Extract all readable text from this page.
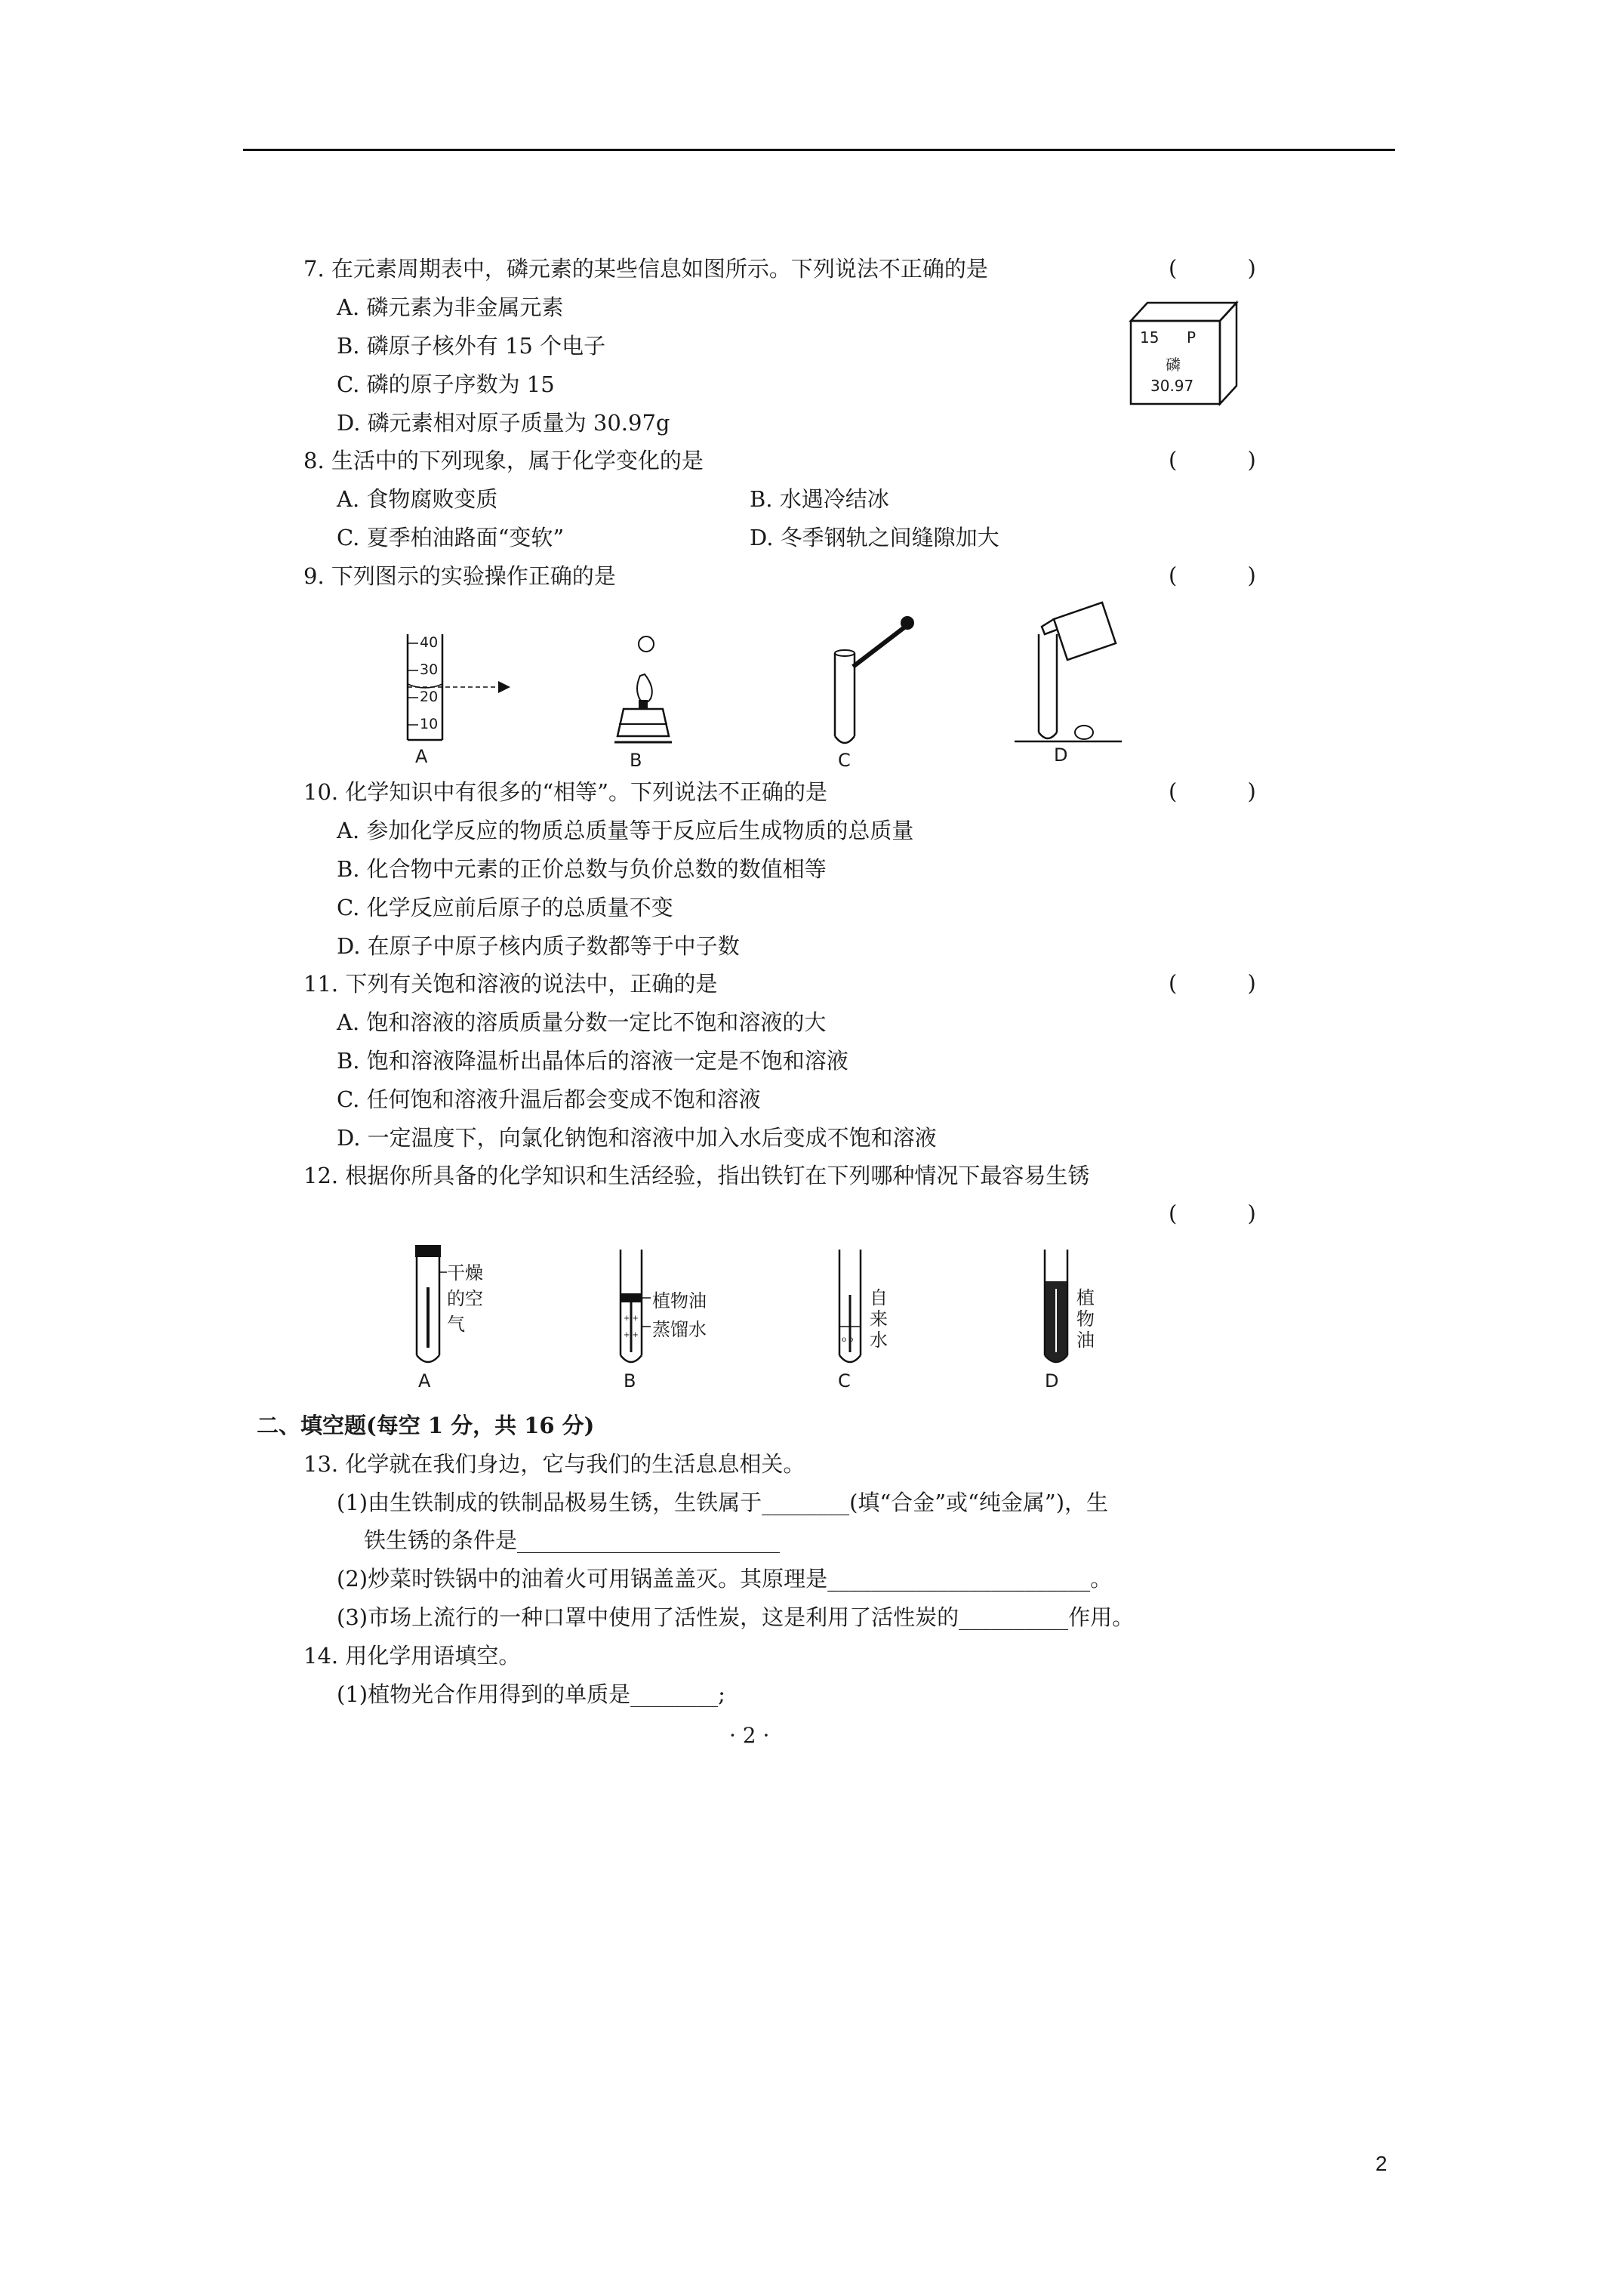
7. 在元素周期表中，磷元素的某些信息如图所示。下列说法不正确的是	( )
A. 磷元素为非金属元素
B. 磷原子核外有 15 个电子
C. 磷的原子序数为 15
D. 磷元素相对原子质量为 30.97g
15 P
磷
30.97
8. 生活中的下列现象，属于化学变化的是	( )
A. 食物腐败变质	B. 水遇冷结冰
C. 夏季柏油路面“变软”	D. 冬季钢轨之间缝隙加大
9. 下列图示的实验操作正确的是	( )
40
30
20
10
A	B	C	D
10. 化学知识中有很多的“相等”。下列说法不正确的是	( )
A. 参加化学反应的物质总质量等于反应后生成物质的总质量
B. 化合物中元素的正价总数与负价总数的数值相等
C. 化学反应前后原子的总质量不变
D. 在原子中原子核内质子数都等于中子数
11. 下列有关饱和溶液的说法中，正确的是	( )
A. 饱和溶液的溶质质量分数一定比不饱和溶液的大
B. 饱和溶液降温析出晶体后的溶液一定是不饱和溶液
C. 任何饱和溶液升温后都会变成不饱和溶液
D. 一定温度下，向氯化钠饱和溶液中加入水后变成不饱和溶液
12. 根据你所具备的化学知识和生活经验，指出铁钉在下列哪种情况下最容易生锈
( )
干燥
的空
气
A
+ +
+ +
植物油
蒸馏水
B
o o
自
来
水
C
植
物
油
D
二、填空题(每空 1 分，共 16 分)
13. 化学就在我们身边，它与我们的生活息息相关。
(1)由生铁制成的铁制品极易生锈，生铁属于________(填“合金”或“纯金属”)，生
铁生锈的条件是________________________
(2)炒菜时铁锅中的油着火可用锅盖盖灭。其原理是________________________。
(3)市场上流行的一种口罩中使用了活性炭，这是利用了活性炭的__________作用。
14. 用化学用语填空。
(1)植物光合作用得到的单质是________;
· 2 ·
2
